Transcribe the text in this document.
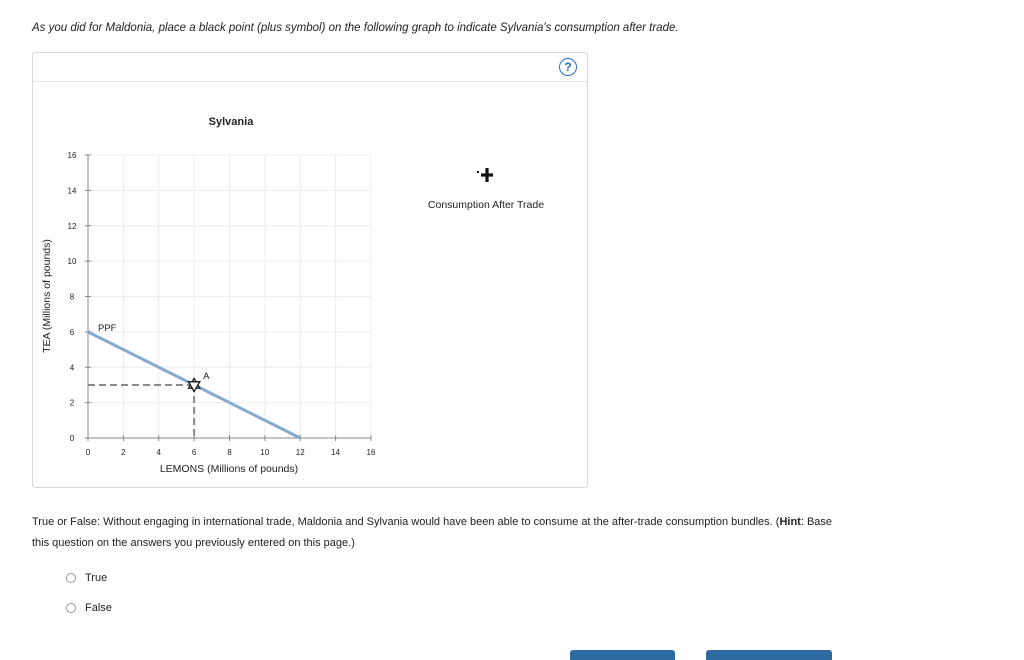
As you did for Maldonia, place a black point (plus symbol) on the following graph to indicate Sylvania's consumption after trade.
?
0	2	4	6	8	10	12	14	16
0
2
4
6
8
10
12
14
16
PPF
A
Sylvania
LEMONS (Millions of pounds)
TEA (Millions of pounds)
Consumption After Trade
True or False: Without engaging in international trade, Maldonia and Sylvania would have been able to consume at the after-trade consumption bundles. (Hint: Base this question on the answers you previously entered on this page.)
True
False
